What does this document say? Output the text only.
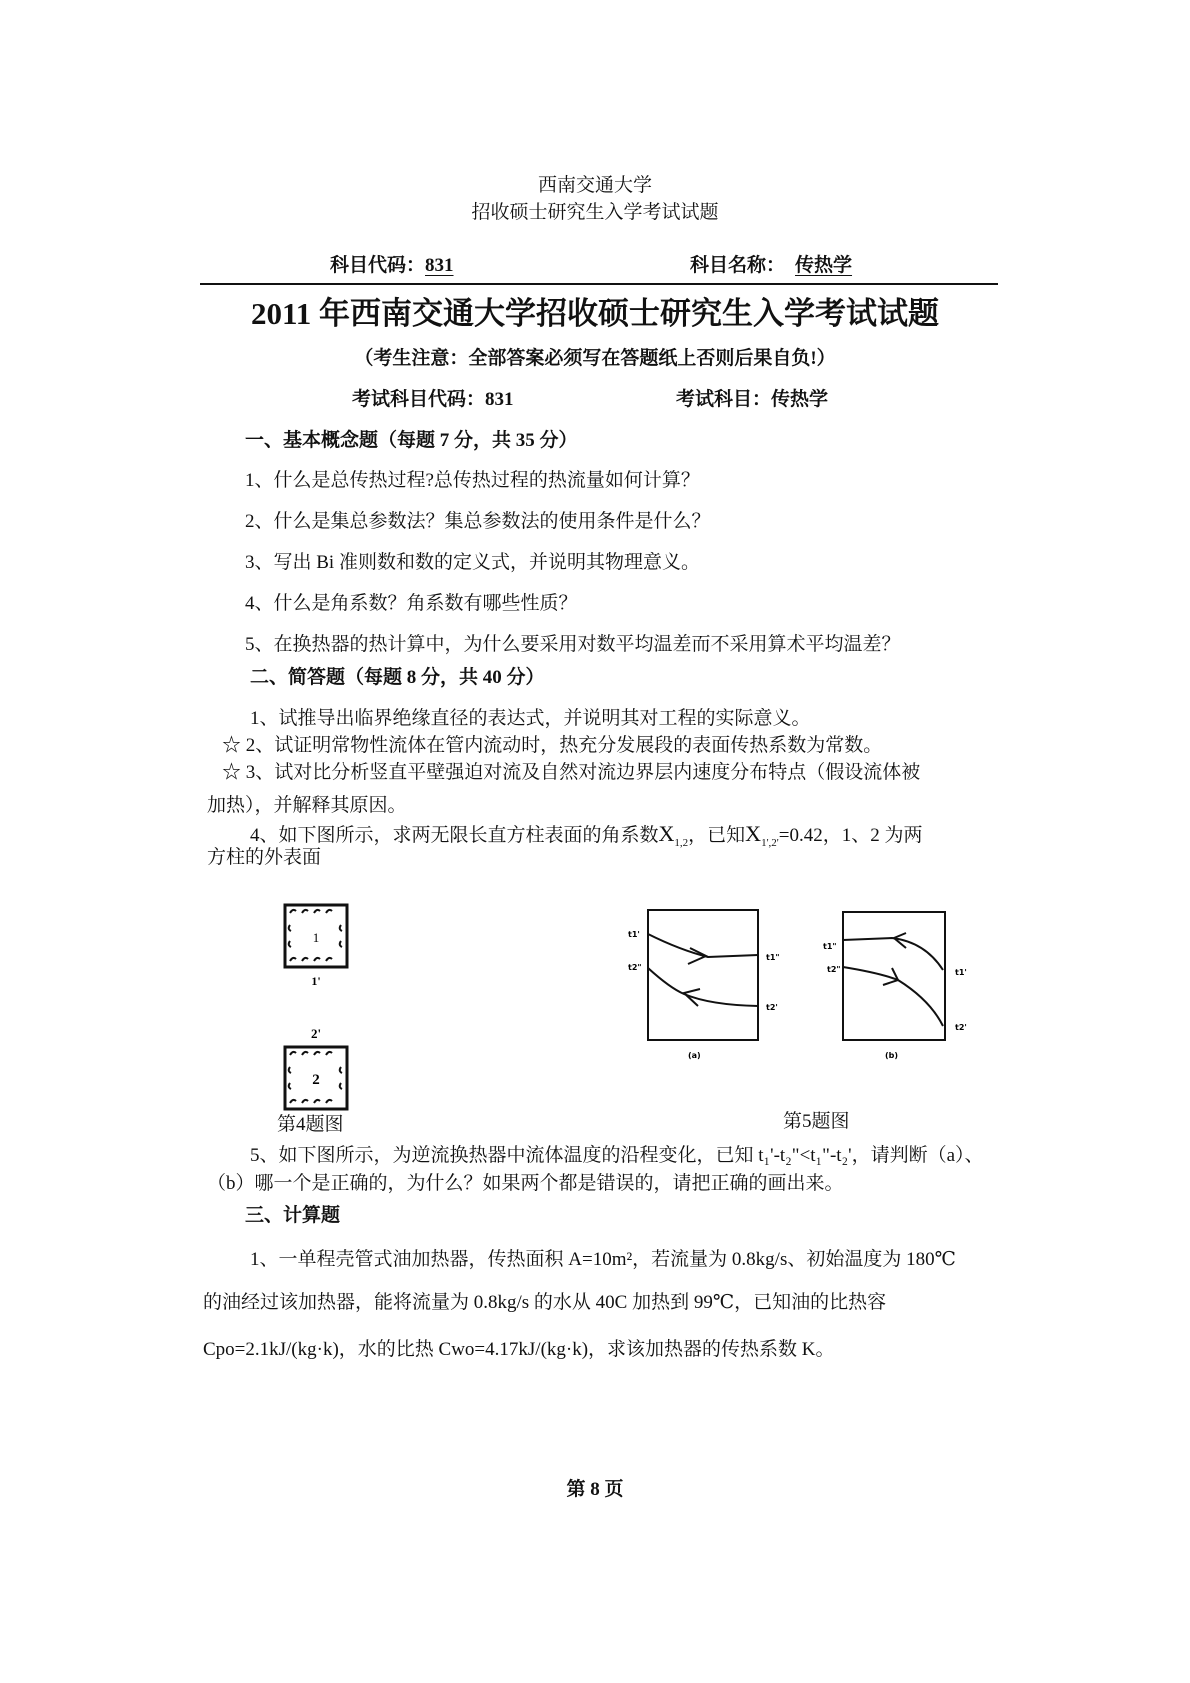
西南交通大学
招收硕士研究生入学考试试题
科目代码：831	科目名称： 传热学
2011 年西南交通大学招收硕士研究生入学考试试题
（考生注意：全部答案必须写在答题纸上否则后果自负!）
考试科目代码：831	考试科目：传热学
一、基本概念题（每题 7 分，共 35 分）
1、什么是总传热过程?总传热过程的热流量如何计算？
2、什么是集总参数法？集总参数法的使用条件是什么？
3、写出 Bi 准则数和数的定义式，并说明其物理意义。
4、什么是角系数？角系数有哪些性质？
5、在换热器的热计算中，为什么要采用对数平均温差而不采用算术平均温差？
二、简答题（每题 8 分，共 40 分）
1、试推导出临界绝缘直径的表达式，并说明其对工程的实际意义。
☆ 2、试证明常物性流体在管内流动时，热充分发展段的表面传热系数为常数。
☆ 3、试对比分析竖直平壁强迫对流及自然对流边界层内速度分布特点（假设流体被
加热），并解释其原因。
4、如下图所示，求两无限长直方柱表面的角系数$X_{1,2}$，已知$X_{1',2'}=0.42$，1、2 为两
方柱的外表面
1
1'
2'
2
第4题图
t1'
t2"
t1"
t2'
(a)
t1"
t2"	t1'
t2'
(b)
第5题图
5、如下图所示，为逆流换热器中流体温度的沿程变化，已知 t₁'-t₂"<t₁"-t₂'，请判断（a）、
（b）哪一个是正确的，为什么？如果两个都是错误的，请把正确的画出来。
三、计算题
1、一单程壳管式油加热器，传热面积 A=10m²，若流量为 0.8kg/s、初始温度为 180℃
的油经过该加热器，能将流量为 0.8kg/s 的水从 40C 加热到 99℃，已知油的比热容
Cpo=2.1kJ/(kg·k)，水的比热 Cwo=4.17kJ/(kg·k)，求该加热器的传热系数 K。
第 8 页
